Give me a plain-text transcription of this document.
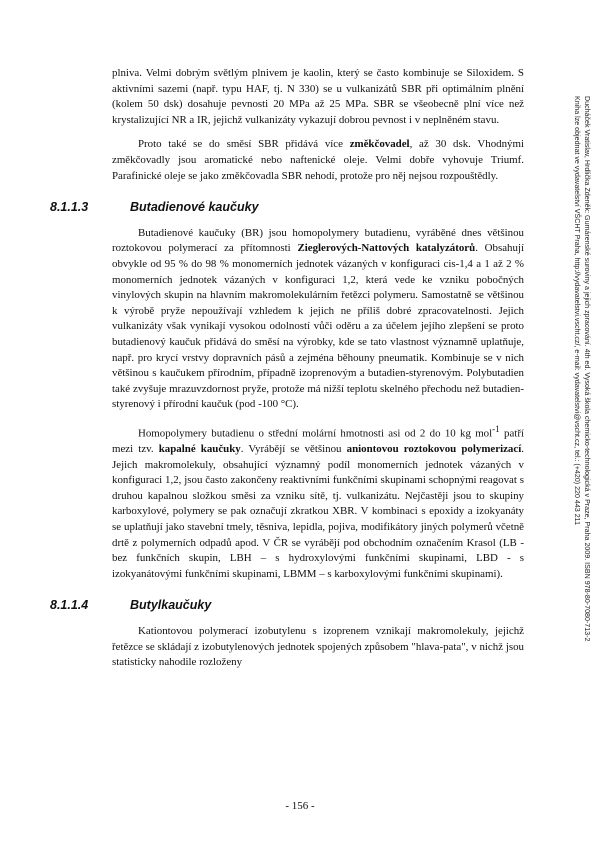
plniva. Velmi dobrým světlým plnivem je kaolin, který se často kombinuje se Siloxidem. S aktivními sazemi (např. typu HAF, tj. N 330) se u vulkanizátů SBR při optimálním plnění (kolem 50 dsk) dosahuje pevnosti 20 MPa až 25 MPa. SBR se všeobecně plní více než krystalizující NR a IR, jejichž vulkanizáty vykazují dobrou pevnost i v neplněném stavu.

Proto také se do směsí SBR přidává více změkčovadel, až 30 dsk. Vhodnými změkčovadly jsou aromatické nebo naftenické oleje. Velmi dobře vyhovuje Triumf. Parafinické oleje se jako změkčovadla SBR nehodí, protože pro něj nejsou rozpouštědly.

8.1.1.3	Butadienové kaučuky

Butadienové kaučuky (BR) jsou homopolymery butadienu, vyráběné dnes většinou roztokovou polymerací za přítomnosti Zieglerových-Nattových katalyzátorů. Obsahují obvykle od 95 % do 98 % monomerních jednotek vázaných v konfiguraci cis-1,4 a 1 až 2 % monomerních jednotek vázaných v konfiguraci 1,2, která vede ke vzniku pobočných vinylových skupin na hlavním makromolekulárním řetězci polymeru. Samostatně se většinou k výrobě pryže nepoužívají vzhledem k jejich ne příliš dobré zpracovatelnosti. Jejich vulkanizáty však vynikají vysokou odolností vůči oděru a za účelem jejího zlepšení se proto butadienový kaučuk přidává do směsí na výrobky, kde se tato vlastnost významně uplatňuje, např. pro krycí vrstvy dopravních pásů a zejména běhouny pneumatik. Kombinuje se v nich většinou s kaučukem přírodním, případně izoprenovým a butadien-styrenovým. Polybutadien také zvyšuje mrazuvzdornost pryže, protože má nižší teplotu skelného přechodu než butadien-styrenový i přírodní kaučuk (pod -100 °C).

Homopolymery butadienu o střední molární hmotnosti asi od 2 do 10 kg mol$^{-1}$ patří mezi tzv. kapalné kaučuky. Vyrábějí se většinou aniontovou roztokovou polymerizací. Jejich makromolekuly, obsahující významný podíl monomerních jednotek vázaných v konfiguraci 1,2, jsou často zakončeny reaktivními funkčními skupinami schopnými reagovat s druhou kapalnou složkou směsi za vzniku sítě, tj. vulkanizátu. Nejčastěji jsou to skupiny karboxylové, polymery se pak označují zkratkou XBR. V kombinaci s epoxidy a izokyanáty se uplatňují jako stavební tmely, těsniva, lepidla, pojiva, modifikátory jiných polymerů včetně drtě z polymerních odpadů apod. V ČR se vyrábějí pod obchodním označením Krasol (LB - bez funkčních skupin, LBH – s hydroxylovými funkčními skupinami, LBD - s izokyanátovými funkčními skupinami, LBMM – s karboxylovými funkčními skupinami).

8.1.1.4	Butylkaučuky

Kationtovou polymerací izobutylenu s izoprenem vznikají makromolekuly, jejichž řetězce se skládají z izobutylenových jednotek spojených způsobem "hlava-pata", v nichž jsou statisticky nahodile rozloženy

- 156 -
Ducháček Vratislav, Hrdlička Zdeněk: Gumárenské suroviny a jejich zpracování. 4th ed. Vysoká škola chemicko-technologická v Praze, Praha 2009. ISBN 978-80-7080-713-2
Kniha lze objednat ve vydavatelství VŠCHT Praha, http://vydavatelstvi.vscht.cz/, e-mail: vydavatelstvi@vscht.cz, tel.: (+420) 220 443 211
